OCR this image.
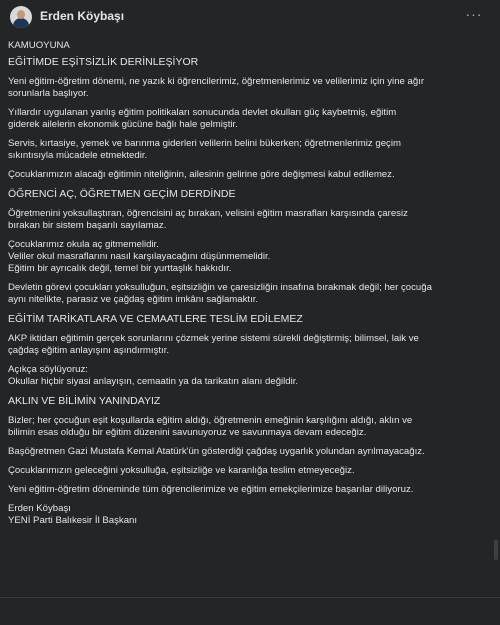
Erden Köybaşı	···
KAMUOYUNA
EĞİTİMDE EŞİTSİZLİK DERİNLEŞİYOR
Yeni eğitim-öğretim dönemi, ne yazık ki öğrencilerimiz, öğretmenlerimiz ve velilerimiz için yine ağır
sorunlarla başlıyor.
Yıllardır uygulanan yanlış eğitim politikaları sonucunda devlet okulları güç kaybetmiş, eğitim
giderek ailelerin ekonomik gücüne bağlı hale gelmiştir.
Servis, kırtasiye, yemek ve barınma giderleri velilerin belini bükerken; öğretmenlerimiz geçim
sıkıntısıyla mücadele etmektedir.
Çocuklarımızın alacağı eğitimin niteliğinin, ailesinin gelirine göre değişmesi kabul edilemez.
ÖĞRENCİ AÇ, ÖĞRETMEN GEÇİM DERDİNDE
Öğretmenini yoksullaştıran, öğrencisini aç bırakan, velisini eğitim masrafları karşısında çaresiz
bırakan bir sistem başarılı sayılamaz.
Çocuklarımız okula aç gitmemelidir.
Veliler okul masraflarını nasıl karşılayacağını düşünmemelidir.
Eğitim bir ayrıcalık değil, temel bir yurttaşlık hakkıdır.
Devletin görevi çocukları yoksulluğun, eşitsizliğin ve çaresizliğin insafına bırakmak değil; her çocuğa
aynı nitelikte, parasız ve çağdaş eğitim imkânı sağlamaktır.
EĞİTİM TARİKATLARA VE CEMAATLERE TESLİM EDİLEMEZ
AKP iktidarı eğitimin gerçek sorunlarını çözmek yerine sistemi sürekli değiştirmiş; bilimsel, laik ve
çağdaş eğitim anlayışını aşındırmıştır.
Açıkça söylüyoruz:
Okullar hiçbir siyasi anlayışın, cemaatin ya da tarikatın alanı değildir.
AKLIN VE BİLİMİN YANINDAYIZ
Bizler; her çocuğun eşit koşullarda eğitim aldığı, öğretmenin emeğinin karşılığını aldığı, aklın ve
bilimin esas olduğu bir eğitim düzenini savunuyoruz ve savunmaya devam edeceğiz.
Başöğretmen Gazi Mustafa Kemal Atatürk'ün gösterdiği çağdaş uygarlık yolundan ayrılmayacağız.
Çocuklarımızın geleceğini yoksulluğa, eşitsizliğe ve karanlığa teslim etmeyeceğiz.
Yeni eğitim-öğretim döneminde tüm öğrencilerimize ve eğitim emekçilerimize başarılar diliyoruz.
Erden Köybaşı
YENİ Parti Balıkesir İl Başkanı
